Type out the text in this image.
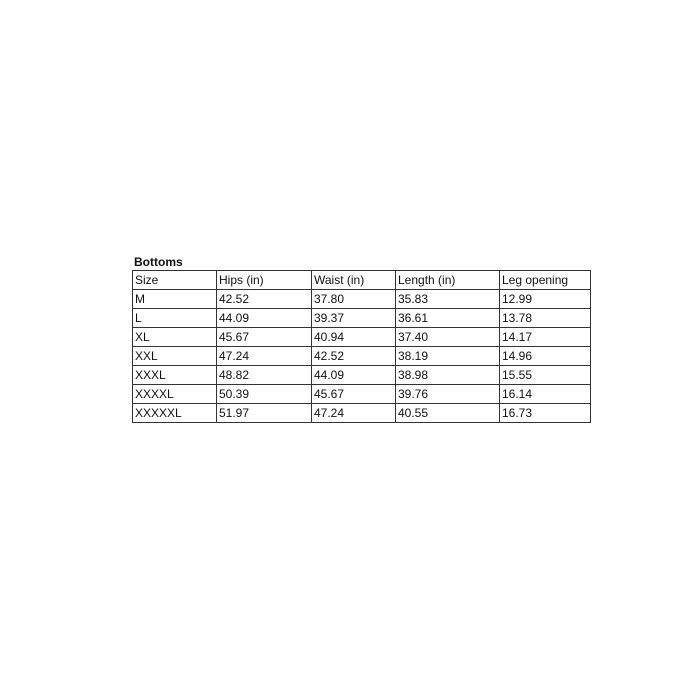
Bottoms
Size	Hips (in)	Waist (in)	Length (in)	Leg opening
M	42.52	37.80	35.83	12.99
L	44.09	39.37	36.61	13.78
XL	45.67	40.94	37.40	14.17
XXL	47.24	42.52	38.19	14.96
XXXL	48.82	44.09	38.98	15.55
XXXXL	50.39	45.67	39.76	16.14
XXXXXL	51.97	47.24	40.55	16.73
